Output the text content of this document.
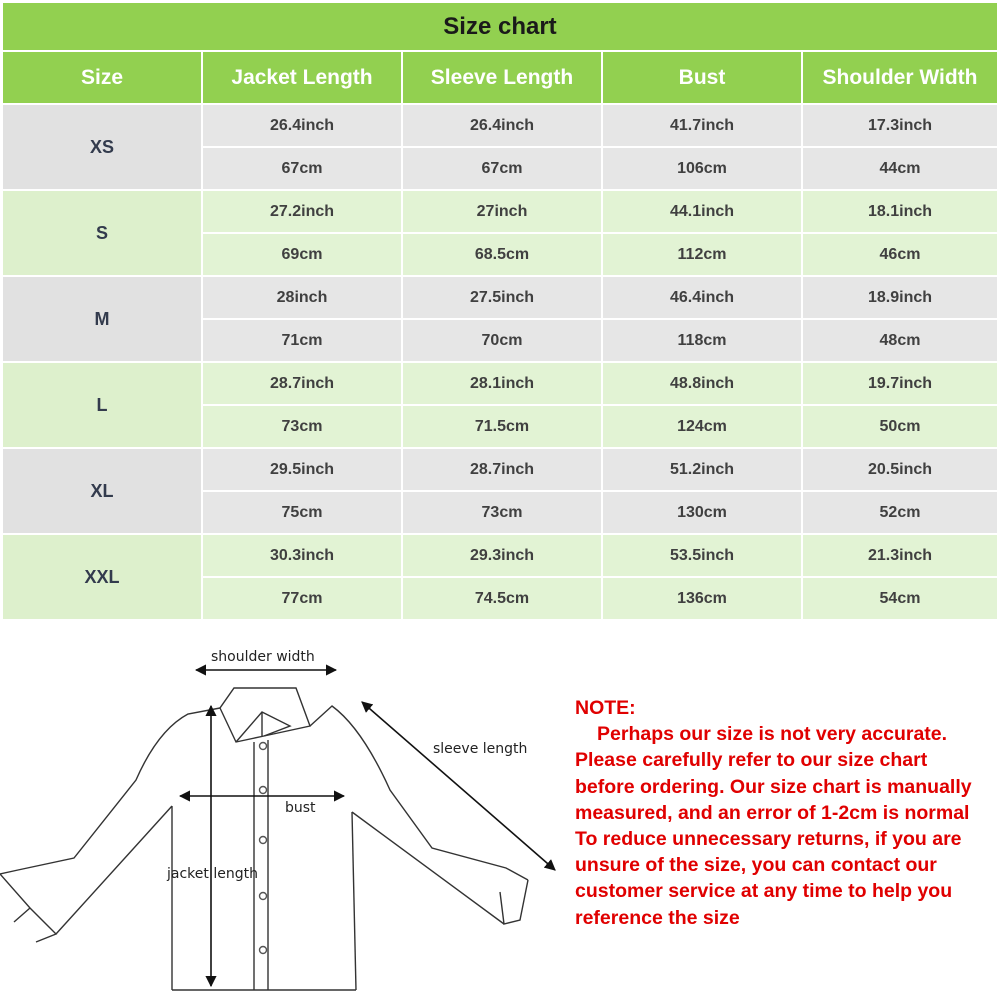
Size chart
Size	Jacket Length	Sleeve Length	Bust	Shoulder Width
XS	26.4inch	26.4inch	41.7inch	17.3inch
	67cm	67cm	106cm	44cm
S	27.2inch	27inch	44.1inch	18.1inch
	69cm	68.5cm	112cm	46cm
M	28inch	27.5inch	46.4inch	18.9inch
	71cm	70cm	118cm	48cm
L	28.7inch	28.1inch	48.8inch	19.7inch
	73cm	71.5cm	124cm	50cm
XL	29.5inch	28.7inch	51.2inch	20.5inch
	75cm	73cm	130cm	52cm
XXL	30.3inch	29.3inch	53.5inch	21.3inch
	77cm	74.5cm	136cm	54cm
shoulder width
sleeve length
bust
jacket length
NOTE:
Perhaps our size is not very accurate.
Please carefully refer to our size chart
before ordering. Our size chart is manually
measured, and an error of 1-2cm is normal
To reduce unnecessary returns, if you are
unsure of the size, you can contact our
customer service at any time to help you
reference the size
